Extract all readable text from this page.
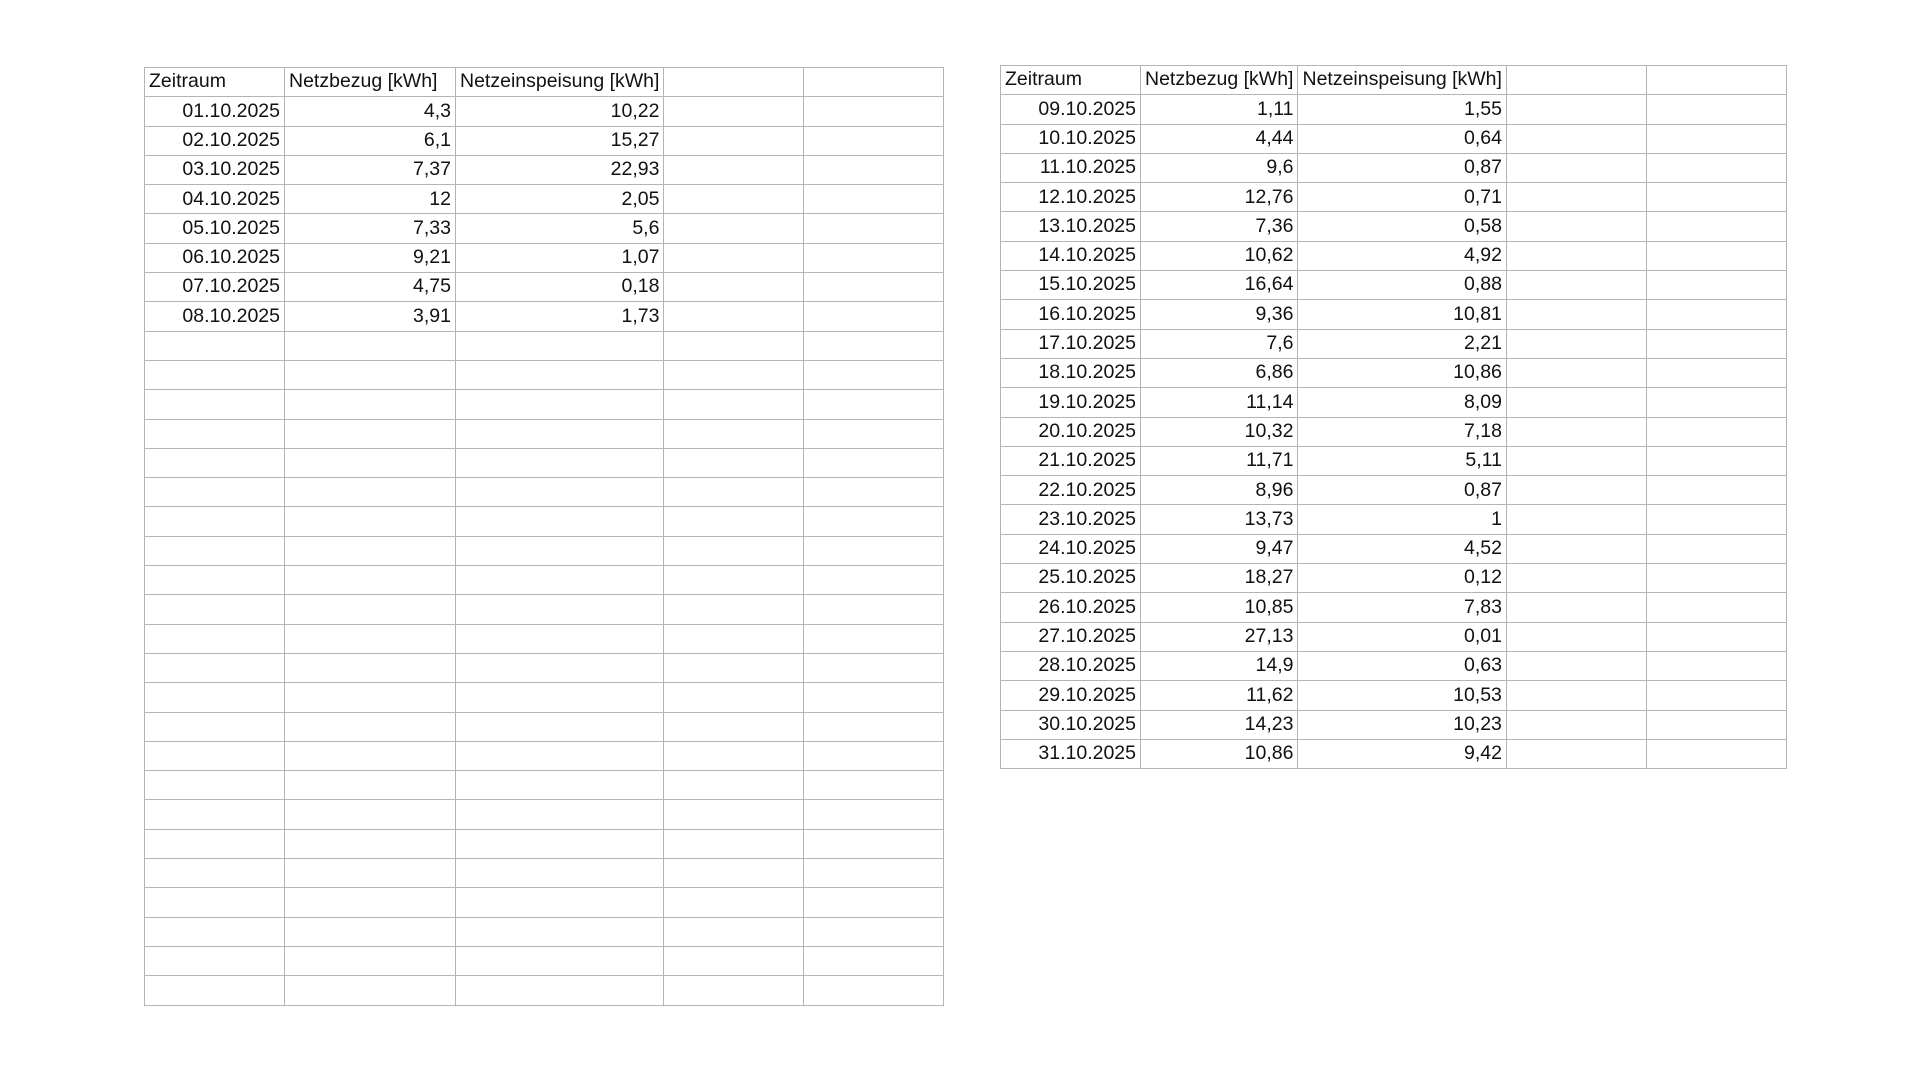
Zeitraum	Netzbezug [kWh]	Netzeinspeisung [kWh]		
01.10.2025	4,3	10,22		
02.10.2025	6,1	15,27		
03.10.2025	7,37	22,93		
04.10.2025	12	2,05		
05.10.2025	7,33	5,6		
06.10.2025	9,21	1,07		
07.10.2025	4,75	0,18		
08.10.2025	3,91	1,73		

Zeitraum	Netzbezug [kWh]	Netzeinspeisung [kWh]		
09.10.2025	1,11	1,55		
10.10.2025	4,44	0,64		
11.10.2025	9,6	0,87		
12.10.2025	12,76	0,71		
13.10.2025	7,36	0,58		
14.10.2025	10,62	4,92		
15.10.2025	16,64	0,88		
16.10.2025	9,36	10,81		
17.10.2025	7,6	2,21		
18.10.2025	6,86	10,86		
19.10.2025	11,14	8,09		
20.10.2025	10,32	7,18		
21.10.2025	11,71	5,11		
22.10.2025	8,96	0,87		
23.10.2025	13,73	1		
24.10.2025	9,47	4,52		
25.10.2025	18,27	0,12		
26.10.2025	10,85	7,83		
27.10.2025	27,13	0,01		
28.10.2025	14,9	0,63		
29.10.2025	11,62	10,53		
30.10.2025	14,23	10,23		
31.10.2025	10,86	9,42		
